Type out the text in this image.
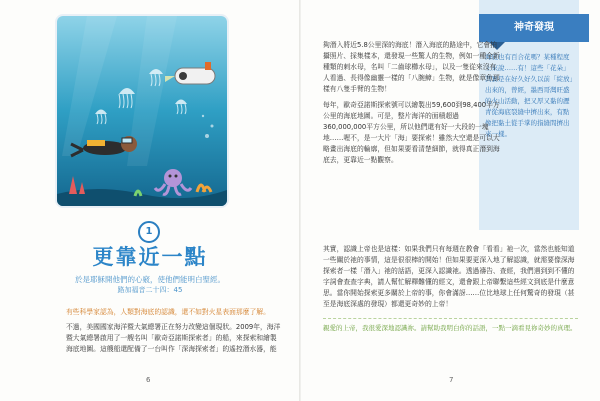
1
更靠近一點
於是耶穌開他們的心竅，使他們能明白聖經。
路加福音二十四：45
有些科學家認為，人類對海底的認識，還不如對火星表面那麼了解。
不過，美國國家海洋暨大氣總署正在努力改變這個現狀。2009年，海洋暨大氣總署啟用了一艘名叫「歐奇亞諾斯探索者」的船，來探索和繪製海底地圖。這艘船還配備了一台叫作「深海探索者」的遙控潛水器，能
6
神奇發現
海底也有百合花嗎？某種程度上來說……有！這些「花朵」其實是在好久好久以前「綻放」出來的，曾經，墨西哥灣旺盛的火山活動，把又厚又黏的瀝青從海底裂縫中擠出來，有點像把黏土從手掌的指縫間擠出來一樣。

夠潛入將近5.8公里深的海底！潛入海底的路途中，它會拍攝照片、採集樣本，還發現一些驚人的生物，例如一種全新種類的刺水母，名叫「二齒球櫛水母」，以及一隻從來沒有人看過、長得像幽靈一樣的「八腕鱆」生物，就是像章魚那樣有八隻手臂的生物！

每年，歐奇亞諾斯探索號可以繪製出59,600到98,400平方公里的海底地圖。可是，整片海洋的面積超過360,000,000平方公里，所以他們還有好一大段的一塊地……喔不，是一大片「海」要探索！雖然大空還是可以大略畫出海底的輪廓，但如果要看清楚細節，就得真正潛到海底去，更靠近一點觀察。

其實，認識上帝也是這樣：如果我們只有每週在教會「看看」祂一次，當然也能知道一些關於祂的事情，這是很很棒的開始！但如果要更深入地了解認識，就需要像深海探索者一樣「潛入」祂的話語，更深入認識祂。透過禱告、查經，我們遇到到不懂的字詞會查查字典，請人幫忙解釋難懂的經文，還會跟上帝聯繫這些經文到底是什麼意思。當你開始探索更多關於上帝的事，你會滿訝……位比地球上任何驚奇的發現（甚至是海底深處的發現）都還更奇妙的上帝！

親愛的上帝，我很愛深地認識祢。請幫助我明白你的話語，一點一滴看見祢奇妙的真理。
7
